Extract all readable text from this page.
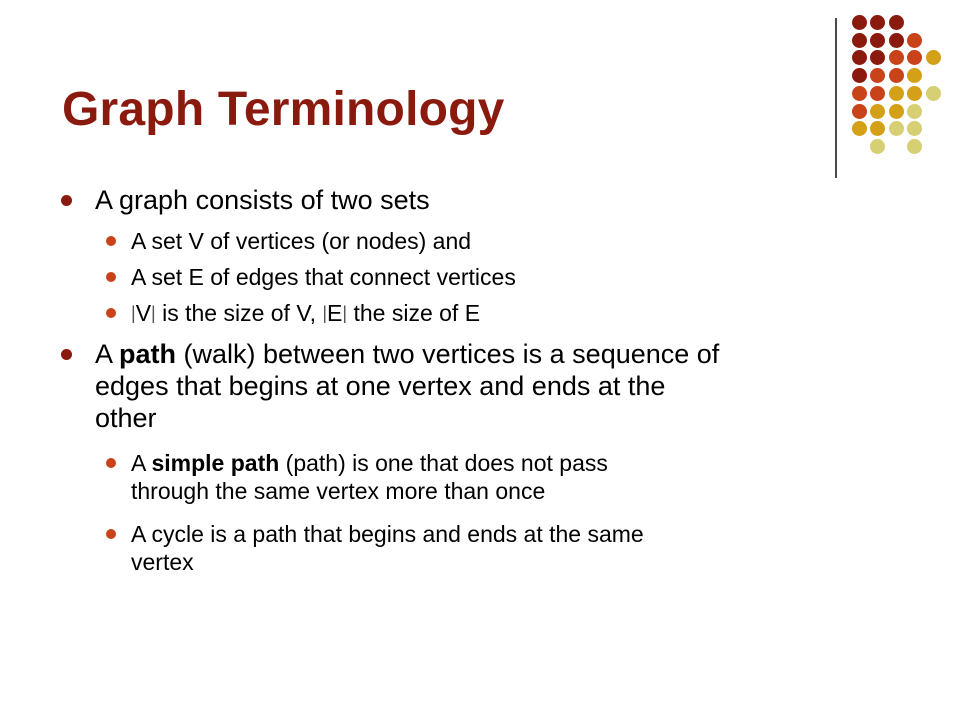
Graph Terminology

A graph consists of two sets

A set V of vertices (or nodes) and

A set E of edges that connect vertices

|V| is the size of V, |E| the size of E

A path (walk) between two vertices is a sequence of

edges that begins at one vertex and ends at the

other

A simple path (path) is one that does not pass

through the same vertex more than once

A cycle is a path that begins and ends at the same

vertex
